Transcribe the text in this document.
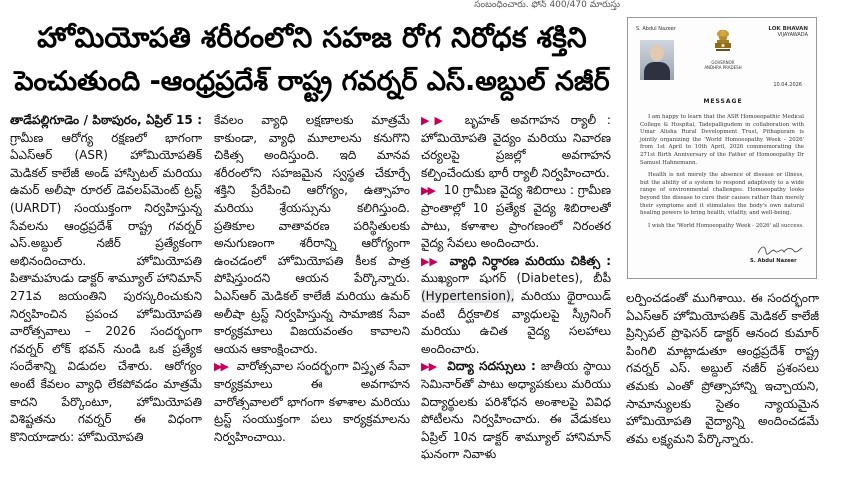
సంబంధించారు. ఫోన్ 400/470 మారుస్తు
హోమియోపతి శరీరంలోని సహజ రోగ నిరోధక శక్తిని
పెంచుతుంది -ఆంధ్రప్రదేశ్ రాష్ట్ర గవర్నర్ ఎస్.అబ్దుల్ నజీర్

తాడేపల్లిగూడెం / పిఠాపురం, ఏప్రిల్ 15 : గ్రామీణ ఆరోగ్య రక్షణలో భాగంగా ఏఎస్ఆర్ (ASR) హోమియోపతిక్ మెడికల్ కాలేజీ అండ్ హాస్పిటల్ మరియు ఉమర్ అలీషా రూరల్ డెవలప్‌మెంట్ ట్రస్ట్ (UARDT) సంయుక్తంగా నిర్వహిస్తున్న సేవలను ఆంధ్రప్రదేశ్ రాష్ట్ర గవర్నర్ ఎస్.అబ్దుల్ నజీర్ ప్రత్యేకంగా అభినందించారు. హోమియోపతి పితామహుడు డాక్టర్ శామ్యూల్ హానిమాన్ 271వ జయంతిని పురస్కరించుకుని నిర్వహించిన ప్రపంచ హోమియోపతి వారోత్సవాలు – 2026 సందర్భంగా గవర్నర్ లోక్ భవన్ నుండి ఒక ప్రత్యేక సందేశాన్ని విడుదల చేశారు. ఆరోగ్యం అంటే కేవలం వ్యాధి లేకపోవడం మాత్రమే కాదని పేర్కొంటూ, హోమియోపతి విశిష్టతను గవర్నర్ ఈ విధంగా కొనియాడారు: హోమియోపతి

కేవలం వ్యాధి లక్షణాలకు మాత్రమే కాకుండా, వ్యాధి మూలాలను కనుగొని చికిత్స అందిస్తుంది. ఇది మానవ శరీరంలోని సహజమైన స్వస్థత చేకూర్చే శక్తిని ప్రేరేపించి ఆరోగ్యం, ఉత్సాహం మరియు శ్రేయస్సును కలిగిస్తుంది. ప్రతికూల వాతావరణ పరిస్థితులకు అనుగుణంగా శరీరాన్ని ఆరోగ్యంగా ఉంచడంలో హోమియోపతి కీలక పాత్ర పోషిస్తుందని ఆయన పేర్కొన్నారు. ఏఎస్ఆర్ మెడికల్ కాలేజీ మరియు ఉమర్ అలీషా ట్రస్ట్ నిర్వహిస్తున్న సామాజిక సేవా కార్యక్రమాలు విజయవంతం కావాలని ఆయన ఆకాంక్షించారు.

▶▶ వారోత్సవాల సందర్భంగా విస్తృత సేవా కార్యక్రమాలు ఈ అవగాహన వారోత్సవాలలో భాగంగా కళాశాల మరియు ట్రస్ట్ సంయుక్తంగా పలు కార్యక్రమాలను నిర్వహించాయి.

▶▶ బృహత్ అవగాహన ర్యాలీ : హోమియోపతి వైద్యం మరియు నివారణ చర్యలపై ప్రజల్లో అవగాహన కల్పించేందుకు భారీ ర్యాలీ నిర్వహించారు.

▶▶ 10 గ్రామీణ వైద్య శిబిరాలు : గ్రామీణ ప్రాంతాల్లో 10 ప్రత్యేక వైద్య శిబిరాలతో పాటు, కళాశాల ప్రాంగణంలో నిరంతర వైద్య సేవలు అందించారు.

▶▶ వ్యాధి నిర్ధారణ మరియు చికిత్స : ముఖ్యంగా షుగర్ (Diabetes), బీపీ (Hypertension), మరియు థైరాయిడ్ వంటి దీర్ఘకాలిక వ్యాధులపై స్క్రీనింగ్ మరియు ఉచిత వైద్య సలహాలు అందించారు.

▶▶ విద్యా సదస్సులు : జాతీయ స్థాయి సెమినార్‌తో పాటు అధ్యాపకులు మరియు విద్యార్థులకు పరిశోధన అంశాలపై వివిధ పోటీలను నిర్వహించారు. ఈ వేడుకలు ఏప్రిల్ 10న డాక్టర్ శామ్యూల్ హానిమాన్ ఘనంగా నివాళు

లర్పించడంతో ముగిశాయి. ఈ సందర్భంగా ఏఎస్ఆర్ హోమియోపతిక్ మెడికల్ కాలేజీ ప్రిన్సిపల్ ప్రొఫెసర్ డాక్టర్ ఆనంద కుమార్ పింగిలి మాట్లాడుతూ ఆంధ్రప్రదేశ్ రాష్ట్ర గవర్నర్ ఎస్. అబ్దుల్ నజీర్ ప్రశంసలు తమకు ఎంతో ప్రోత్సాహాన్ని ఇచ్చాయని, సామాన్యులకు సైతం న్యాయమైన హోమియోపతి వైద్యాన్ని అందించడమే తమ లక్ష్యమని పేర్కొన్నారు.

S. Abdul Nazeer	LOK BHAVAN
VIJAYAWADA
GOVERNOR
ANDHRA PRADESH
10.04.2026
MESSAGE

I am happy to learn that the ASR Homoeopathic Medical College & Hospital, Tadepalligudem in collaboration with Umar Alisha Rural Development Trust, Pithapuram is jointly organizing the 'World Homoeopathy Week - 2026' from 1st April to 10th April, 2026 commemorating the 271st Birth Anniversary of the Father of Homoeopathy Dr Samuel Hahnemann.

Health is not merely the absence of disease or illness, but the ability of a system to respond adaptively to a wide range of environmental challenges. Homoeopathy looks beyond the disease to cure their causes rather than merely their symptoms and it stimulates the body's own natural healing powers to bring health, vitality, and well-being.

I wish the 'World Homoeopathy Week - 2026' all success.

S. Abdul Nazeer
